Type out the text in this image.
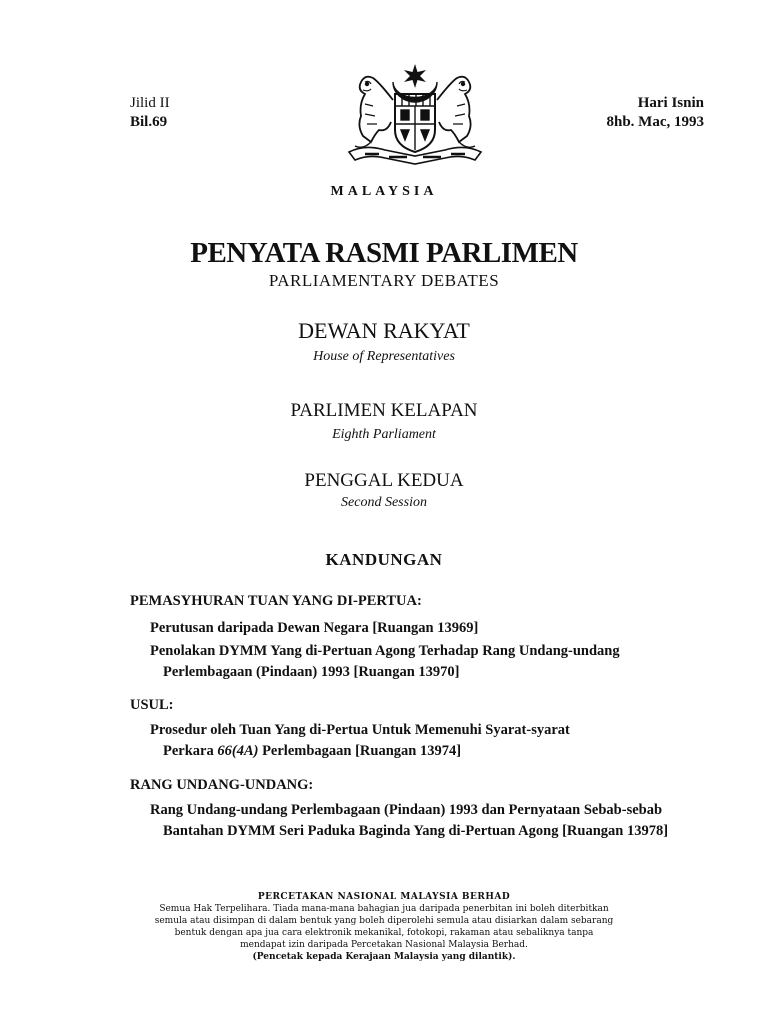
Jilid II
Bil.69
Hari Isnin
8hb. Mac, 1993
MALAYSIA
PENYATA RASMI PARLIMEN
PARLIAMENTARY DEBATES
DEWAN RAKYAT
House of Representatives
PARLIMEN KELAPAN
Eighth Parliament
PENGGAL KEDUA
Second Session
KANDUNGAN
PEMASYHURAN TUAN YANG DI-PERTUA:
Perutusan daripada Dewan Negara [Ruangan 13969]
Penolakan DYMM Yang di-Pertuan Agong Terhadap Rang Undang-undang
Perlembagaan (Pindaan) 1993 [Ruangan 13970]
USUL:
Prosedur oleh Tuan Yang di-Pertua Untuk Memenuhi Syarat-syarat
Perkara 66(4A) Perlembagaan [Ruangan 13974]
RANG UNDANG-UNDANG:
Rang Undang-undang Perlembagaan (Pindaan) 1993 dan Pernyataan Sebab-sebab
Bantahan DYMM Seri Paduka Baginda Yang di-Pertuan Agong [Ruangan 13978]
PERCETAKAN NASIONAL MALAYSIA BERHAD
Semua Hak Terpelihara. Tiada mana-mana bahagian jua daripada penerbitan ini boleh diterbitkan
semula atau disimpan di dalam bentuk yang boleh diperolehi semula atau disiarkan dalam sebarang
bentuk dengan apa jua cara elektronik mekanikal, fotokopi, rakaman atau sebaliknya tanpa
mendapat izin daripada Percetakan Nasional Malaysia Berhad.
(Pencetak kepada Kerajaan Malaysia yang dilantik).
